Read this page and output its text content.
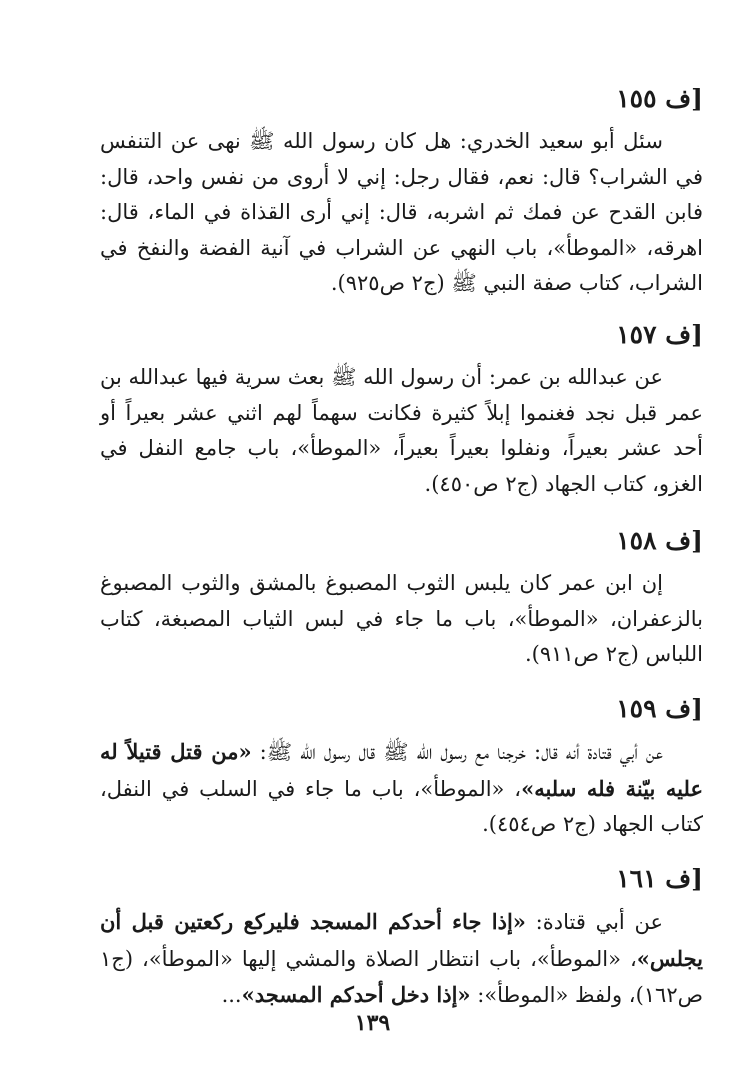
[ف ١٥٥

سئل أبو سعيد الخدري: هل كان رسول الله ﷺ نهى عن التنفس في الشراب؟ قال: نعم، فقال رجل: إني لا أروى من نفس واحد، قال: فابن القدح عن فمك ثم اشربه، قال: إني أرى القذاة في الماء، قال: اهرقه، «الموطأ»، باب النهي عن الشراب في آنية الفضة والنفخ في الشراب، كتاب صفة النبي ﷺ (ج٢ ص٩٢٥).

[ف ١٥٧

عن عبدالله بن عمر: أن رسول الله ﷺ بعث سرية فيها عبدالله بن عمر قبل نجد فغنموا إبلاً كثيرة فكانت سهماً لهم اثني عشر بعيراً أو أحد عشر بعيراً، ونفلوا بعيراً بعيراً، «الموطأ»، باب جامع النفل في الغزو، كتاب الجهاد (ج٢ ص٤٥٠).

[ف ١٥٨

إن ابن عمر كان يلبس الثوب المصبوغ بالمشق والثوب المصبوغ بالزعفران، «الموطأ»، باب ما جاء في لبس الثياب المصبغة، كتاب اللباس (ج٢ ص٩١١).

[ف ١٥٩

عن أبي قتادة أنه قال: خرجنا مع رسول الله ﷺ قال رسول الله ﷺ: «من قتل قتيلاً له عليه بيّنة فله سلبه»، «الموطأ»، باب ما جاء في السلب في النفل، كتاب الجهاد (ج٢ ص٤٥٤).

[ف ١٦١

عن أبي قتادة: «إذا جاء أحدكم المسجد فليركع ركعتين قبل أن يجلس»، «الموطأ»، باب انتظار الصلاة والمشي إليها «الموطأ»، (ج١ ص١٦٢)، ولفظ «الموطأ»: «إذا دخل أحدكم المسجد»...

١٣٩
